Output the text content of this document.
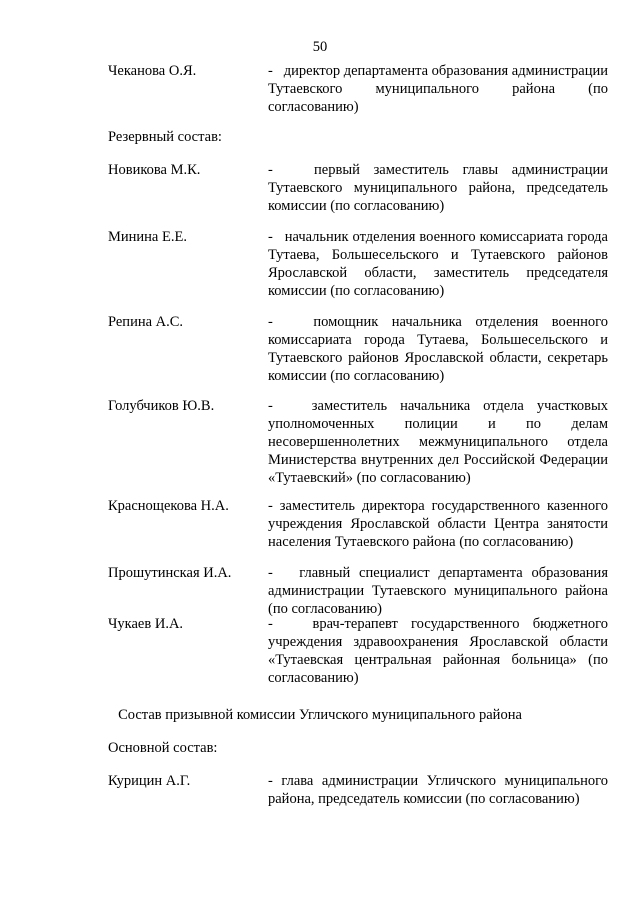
50
Чеканова О.Я.	-   директор департамента образования администрации Тутаевского муниципального района (по согласованию)
Резервный состав:
Новикова М.К.	-   первый заместитель главы администрации Тутаевского муниципального района, председатель комиссии (по согласованию)
Минина Е.Е.	-   начальник отделения военного комиссариата города Тутаева, Большесельского и Тутаевского районов Ярославской области, заместитель председателя комиссии (по согласованию)
Репина А.С.	-   помощник начальника отделения военного комиссариата города Тутаева, Большесельского и Тутаевского районов Ярославской области, секретарь комиссии (по согласованию)
Голубчиков Ю.В.	-   заместитель начальника отдела участковых уполномоченных полиции и по делам несовершеннолетних межмуниципального отдела Министерства внутренних дел Российской Федерации «Тутаевский» (по согласованию)
Краснощекова Н.А.	- заместитель директора государственного казенного учреждения Ярославской области Центра занятости населения Тутаевского района (по согласованию)
Прошутинская И.А.	-   главный специалист департамента образования администрации Тутаевского муниципального района (по согласованию)
Чукаев И.А.	-   врач-терапевт государственного бюджетного учреждения здравоохранения Ярославской области «Тутаевская центральная районная больница» (по согласованию)
Состав призывной комиссии Угличского муниципального района
Основной состав:
Курицин А.Г.	- глава администрации Угличского муниципального района, председатель комиссии (по согласованию)
